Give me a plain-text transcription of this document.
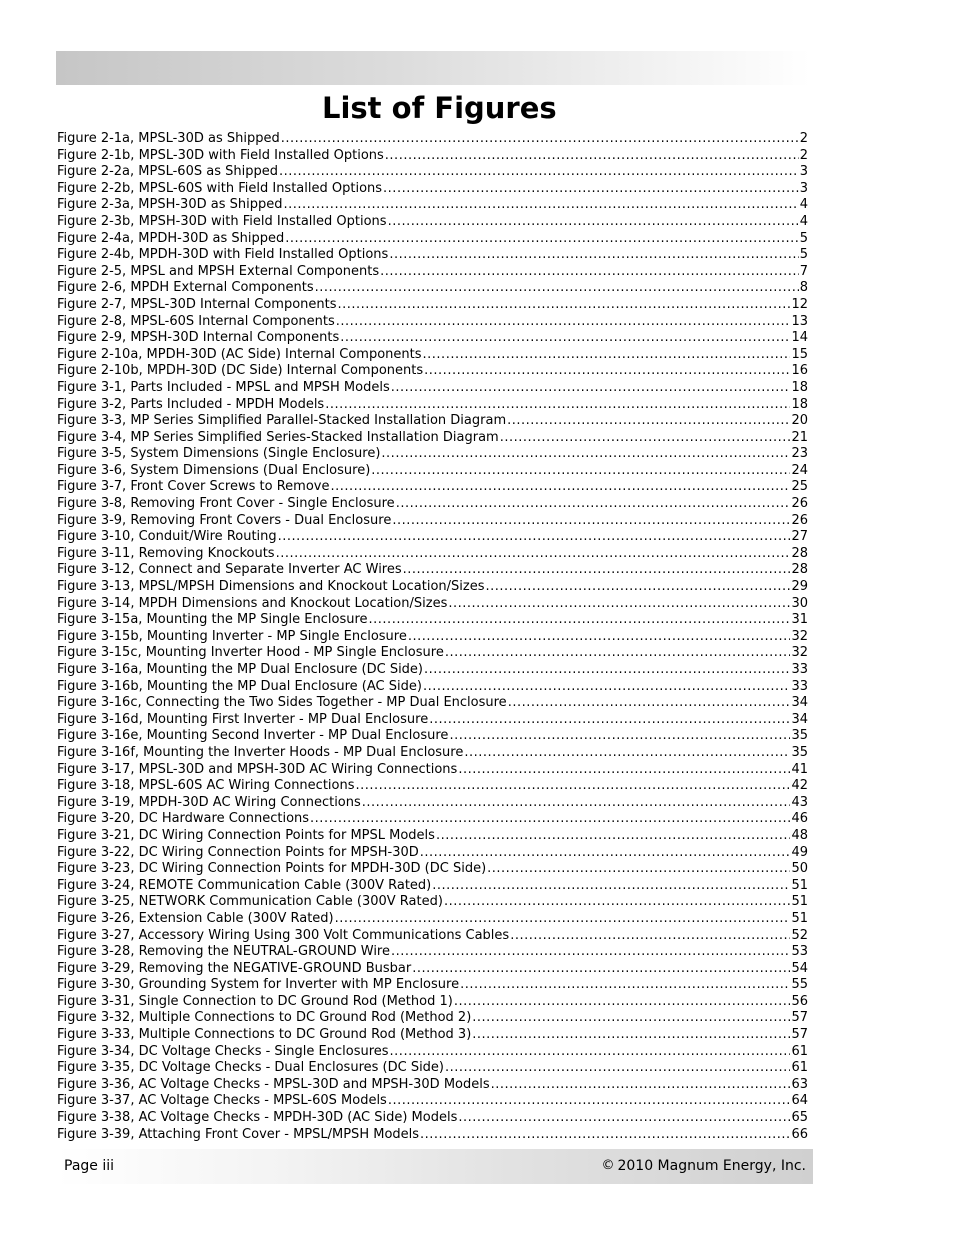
List of Figures
Figure 2-1a, MPSL-30D as Shipped .....	2
Figure 2-1b, MPSL-30D with Field Installed Options .....	2
Figure 2-2a, MPSL-60S as Shipped .....	3
Figure 2-2b, MPSL-60S with Field Installed Options .....	3
Figure 2-3a, MPSH-30D as Shipped .....	4
Figure 2-3b, MPSH-30D with Field Installed Options .....	4
Figure 2-4a, MPDH-30D as Shipped .....	5
Figure 2-4b, MPDH-30D with Field Installed Options .....	5
Figure 2-5, MPSL and MPSH External Components .....	7
Figure 2-6, MPDH External Components .....	8
Figure 2-7, MPSL-30D Internal Components .....	12
Figure 2-8, MPSL-60S Internal Components .....	13
Figure 2-9, MPSH-30D Internal Components .....	14
Figure 2-10a, MPDH-30D (AC Side) Internal Components .....	15
Figure 2-10b, MPDH-30D (DC Side) Internal Components .....	16
Figure 3-1, Parts Included - MPSL and MPSH Models .....	18
Figure 3-2, Parts Included - MPDH Models .....	18
Figure 3-3, MP Series Simplified Parallel-Stacked Installation Diagram .....	20
Figure 3-4, MP Series Simplified Series-Stacked Installation Diagram .....	21
Figure 3-5, System Dimensions (Single Enclosure) .....	23
Figure 3-6, System Dimensions (Dual Enclosure) .....	24
Figure 3-7, Front Cover Screws to Remove .....	25
Figure 3-8, Removing Front Cover - Single Enclosure .....	26
Figure 3-9, Removing Front Covers - Dual Enclosure .....	26
Figure 3-10, Conduit/Wire Routing .....	27
Figure 3-11, Removing Knockouts .....	28
Figure 3-12, Connect and Separate Inverter AC Wires .....	28
Figure 3-13, MPSL/MPSH Dimensions and Knockout Location/Sizes .....	29
Figure 3-14, MPDH Dimensions and Knockout Location/Sizes .....	30
Figure 3-15a, Mounting the MP Single Enclosure .....	31
Figure 3-15b, Mounting Inverter - MP Single Enclosure .....	32
Figure 3-15c, Mounting Inverter Hood - MP Single Enclosure .....	32
Figure 3-16a, Mounting the MP Dual Enclosure (DC Side) .....	33
Figure 3-16b, Mounting the MP Dual Enclosure (AC Side) .....	33
Figure 3-16c, Connecting the Two Sides Together - MP Dual Enclosure .....	34
Figure 3-16d, Mounting First Inverter - MP Dual Enclosure .....	34
Figure 3-16e, Mounting Second Inverter - MP Dual Enclosure .....	35
Figure 3-16f, Mounting the Inverter Hoods - MP Dual Enclosure .....	35
Figure 3-17, MPSL-30D and MPSH-30D AC Wiring Connections .....	41
Figure 3-18, MPSL-60S AC Wiring Connections .....	42
Figure 3-19, MPDH-30D AC Wiring Connections .....	43
Figure 3-20, DC Hardware Connections .....	46
Figure 3-21, DC Wiring Connection Points for MPSL Models .....	48
Figure 3-22, DC Wiring Connection Points for MPSH-30D .....	49
Figure 3-23, DC Wiring Connection Points for MPDH-30D (DC Side) .....	50
Figure 3-24, REMOTE Communication Cable (300V Rated) .....	51
Figure 3-25, NETWORK Communication Cable (300V Rated) .....	51
Figure 3-26, Extension Cable (300V Rated) .....	51
Figure 3-27, Accessory Wiring Using 300 Volt Communications Cables .....	52
Figure 3-28, Removing the NEUTRAL-GROUND Wire .....	53
Figure 3-29, Removing the NEGATIVE-GROUND Busbar .....	54
Figure 3-30, Grounding System for Inverter with MP Enclosure .....	55
Figure 3-31, Single Connection to DC Ground Rod (Method 1) .....	56
Figure 3-32, Multiple Connections to DC Ground Rod (Method 2) .....	57
Figure 3-33, Multiple Connections to DC Ground Rod (Method 3) .....	57
Figure 3-34, DC Voltage Checks - Single Enclosures .....	61
Figure 3-35, DC Voltage Checks - Dual Enclosures (DC Side) .....	61
Figure 3-36, AC Voltage Checks - MPSL-30D and MPSH-30D Models .....	63
Figure 3-37, AC Voltage Checks - MPSL-60S Models .....	64
Figure 3-38, AC Voltage Checks - MPDH-30D (AC Side) Models .....	65
Figure 3-39, Attaching Front Cover - MPSL/MPSH Models .....	66
Page iii	© 2010 Magnum Energy, Inc.
